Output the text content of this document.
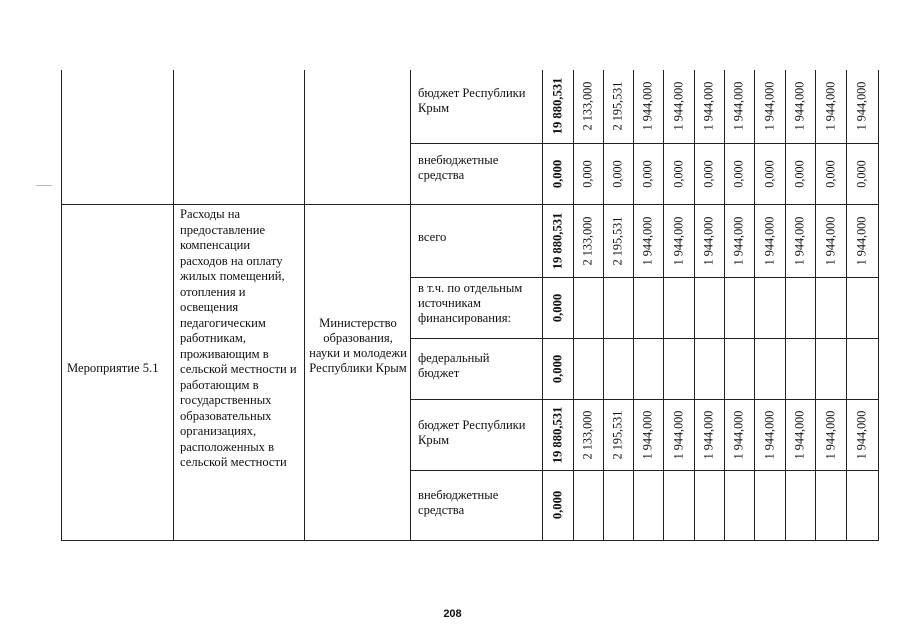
Мероприятие 5.1
Расходы на предоставление компенсации расходов на оплату жилых помещений, отопления и освещения педагогическим работникам, проживающим в сельской местности и работающим в государственных образовательных организациях, расположенных в сельской местности
Министерство образования, науки и молодежи Республики Крым
бюджет Республики Крым
внебюджетные средства
всего
в т.ч. по отдельным источникам финансирования:
федеральный бюджет
бюджет Республики Крым
внебюджетные средства
19 880,531 2 133,000 2 195,531 1 944,000 1 944,000 1 944,000 1 944,000 1 944,000 1 944,000 1 944,000 1 944,000
0,000 0,000 0,000 0,000 0,000 0,000 0,000 0,000 0,000 0,000 0,000
19 880,531 2 133,000 2 195,531 1 944,000 1 944,000 1 944,000 1 944,000 1 944,000 1 944,000 1 944,000 1 944,000
0,000
0,000
19 880,531 2 133,000 2 195,531 1 944,000 1 944,000 1 944,000 1 944,000 1 944,000 1 944,000 1 944,000 1 944,000
0,000
208
